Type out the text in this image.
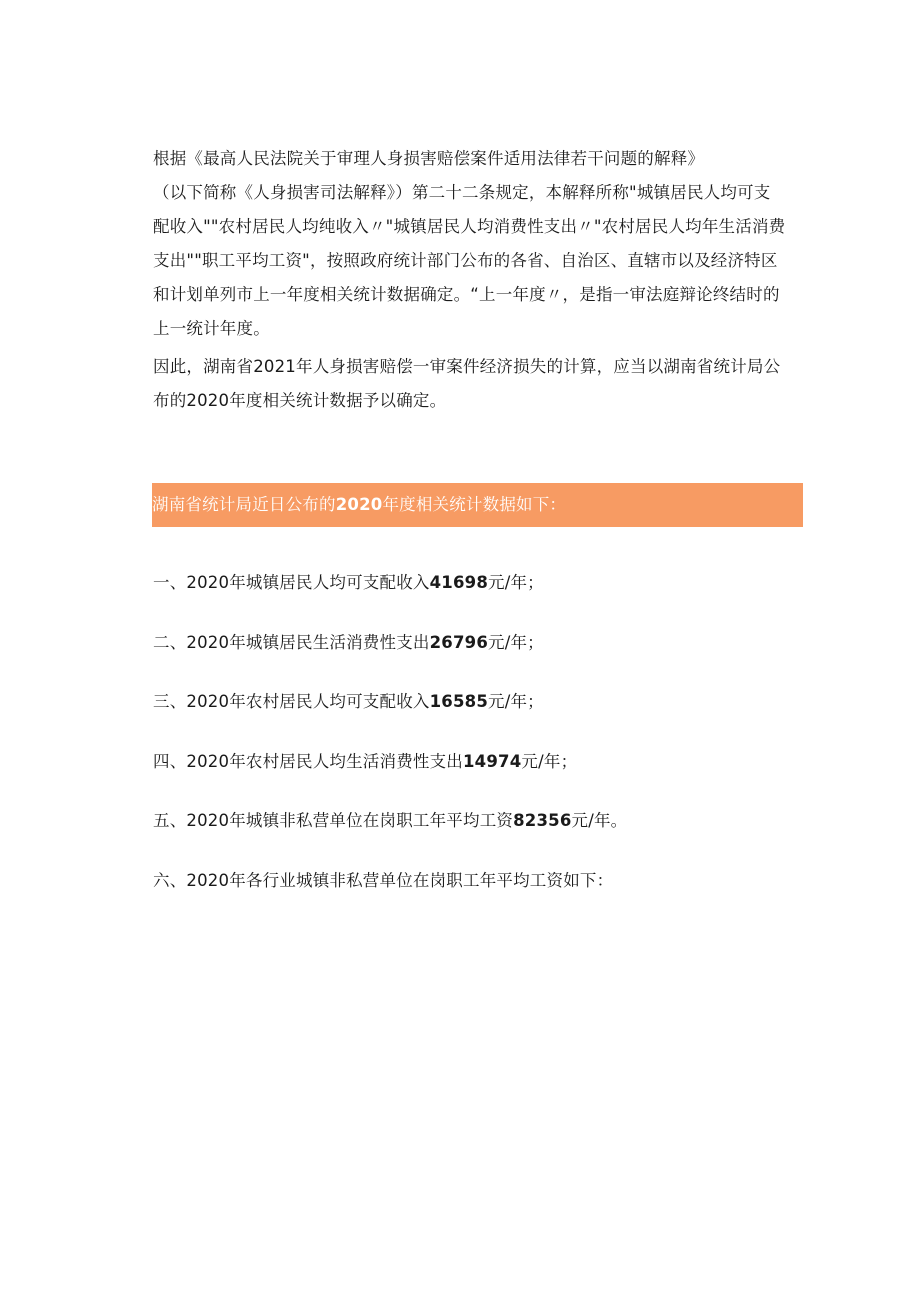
根据《最高人民法院关于审理人身损害赔偿案件适用法律若干问题的解释》
（以下简称《人身损害司法解释》）第二十二条规定，本解释所称"城镇居民人均可支
配收入""农村居民人均纯收入〃"城镇居民人均消费性支出〃"农村居民人均年生活消费
支出""职工平均工资"，按照政府统计部门公布的各省、自治区、直辖市以及经济特区
和计划单列市上一年度相关统计数据确定。“上一年度〃，是指一审法庭辩论终结时的
上一统计年度。

因此，湖南省2021年人身损害赔偿一审案件经济损失的计算，应当以湖南省统计局公
布的2020年度相关统计数据予以确定。

湖南省统计局近日公布的2020年度相关统计数据如下：
一、2020年城镇居民人均可支配收入41698元/年；
二、2020年城镇居民生活消费性支出26796元/年；
三、2020年农村居民人均可支配收入16585元/年；
四、2020年农村居民人均生活消费性支出14974元/年；
五、2020年城镇非私营单位在岗职工年平均工资82356元/年。
六、2020年各行业城镇非私营单位在岗职工年平均工资如下：
